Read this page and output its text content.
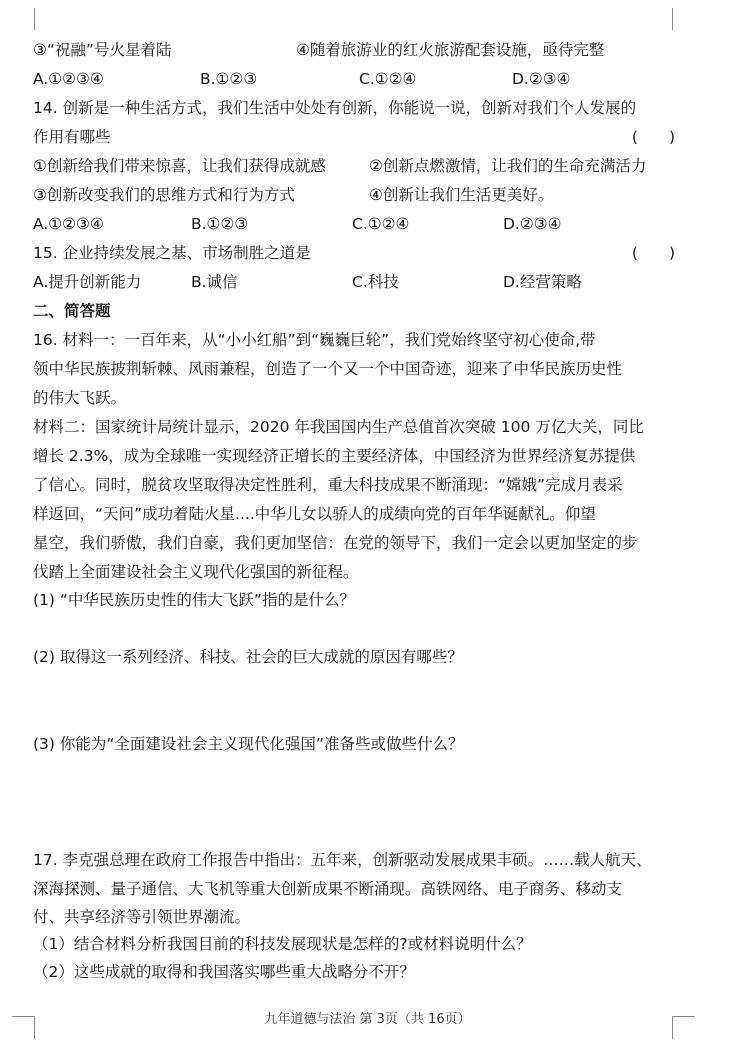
③“祝融”号火星着陆	④随着旅游业的红火旅游配套设施，亟待完整
A.①②③④	B.①②③	C.①②④	D.②③④
14. 创新是一种生活方式，我们生活中处处有创新，你能说一说，创新对我们个人发展的
作用有哪些	(　　)
①创新给我们带来惊喜，让我们获得成就感	②创新点燃激情，让我们的生命充满活力
③创新改变我们的思维方式和行为方式	④创新让我们生活更美好。
A.①②③④	B.①②③	C.①②④	D.②③④
15. 企业持续发展之基、市场制胜之道是	(　　)
A.提升创新能力	B.诚信	C.科技	D.经营策略
二、简答题
16. 材料一：一百年来，从“小小红船”到“巍巍巨轮”，我们党始终坚守初心使命,带
领中华民族披荆斩棘、风雨兼程，创造了一个又一个中国奇迹，迎来了中华民族历史性
的伟大飞跃。
材料二：国家统计局统计显示，2020 年我国国内生产总值首次突破 100 万亿大关，同比
增长 2.3%，成为全球唯一实现经济正增长的主要经济体，中国经济为世界经济复苏提供
了信心。同时，脱贫攻坚取得决定性胜利，重大科技成果不断涌现：“嫦娥”完成月表采
样返回，“天问”成功着陆火星....中华儿女以骄人的成绩向党的百年华诞献礼。仰望
星空，我们骄傲，我们自豪，我们更加坚信：在党的领导下，我们一定会以更加坚定的步
伐踏上全面建设社会主义现代化强国的新征程。
(1) “中华民族历史性的伟大飞跃”指的是什么？
(2) 取得这一系列经济、科技、社会的巨大成就的原因有哪些？
(3) 你能为“全面建设社会主义现代化强国”准备些或做些什么？
17. 李克强总理在政府工作报告中指出：五年来，创新驱动发展成果丰硕。……载人航天、
深海探测、量子通信、大飞机等重大创新成果不断涌现。高铁网络、电子商务、移动支
付、共享经济等引领世界潮流。
（1）结合材料分析我国目前的科技发展现状是怎样的?或材料说明什么？
（2）这些成就的取得和我国落实哪些重大战略分不开？
九年道德与法治 第 3页（共 16页）
